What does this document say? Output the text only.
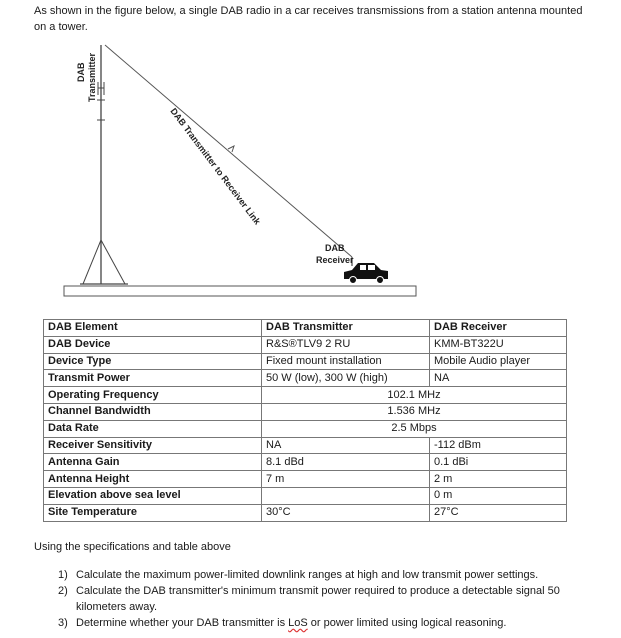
As shown in the figure below, a single DAB radio in a car receives transmissions from a station antenna mounted on a tower.
DAB Transmitter
DAB Transmitter to Receiver Link
DAB
Receiver
DAB Element	DAB Transmitter	DAB Receiver
DAB Device	R&S®TLV9 2 RU	KMM-BT322U
Device Type	Fixed mount installation	Mobile Audio player
Transmit Power	50 W (low), 300 W (high)	NA
Operating Frequency	102.1 MHz	
Channel Bandwidth	1.536 MHz	
Data Rate	2.5 Mbps	
Receiver Sensitivity	NA	-112 dBm
Antenna Gain	8.1 dBd	0.1 dBi
Antenna Height	7 m	2 m
Elevation above sea level		0 m
Site Temperature	30°C	27°C
Using the specifications and table above
1) Calculate the maximum power-limited downlink ranges at high and low transmit power settings.
2) Calculate the DAB transmitter's minimum transmit power required to produce a detectable signal 50 kilometers away.
3) Determine whether your DAB transmitter is LoS or power limited using logical reasoning.
